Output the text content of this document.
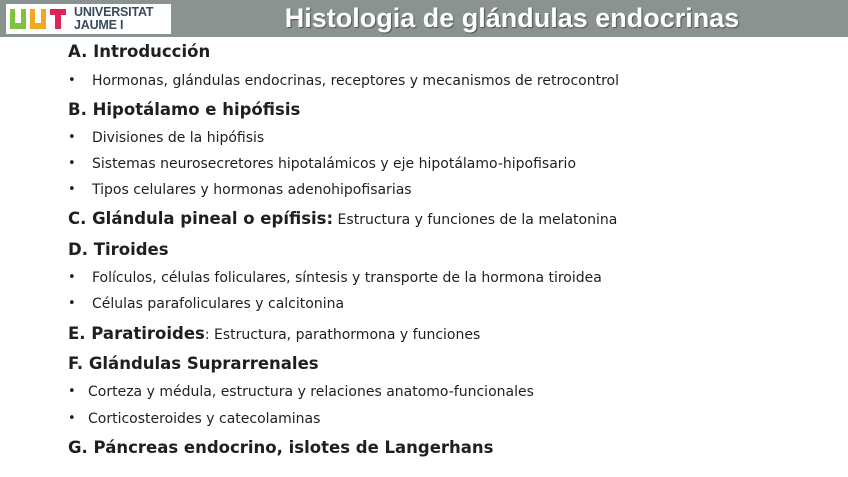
UNIVERSITAT
JAUME I	Histologia de glándulas endocrinas
A. Introducción
• Hormonas, glándulas endocrinas, receptores y mecanismos de retrocontrol
B. Hipotálamo e hipófisis
• Divisiones de la hipófisis
• Sistemas neurosecretores hipotalámicos y eje hipotálamo-hipofisario
• Tipos celulares y hormonas adenohipofisarias
C. Glándula pineal o epífisis: Estructura y funciones de la melatonina
D. Tiroides
• Folículos, células foliculares, síntesis y transporte de la hormona tiroidea
• Células parafoliculares y calcitonina
E. Paratiroides: Estructura, parathormona y funciones
F. Glándulas Suprarrenales
• Corteza y médula, estructura y relaciones anatomo-funcionales
• Corticosteroides y catecolaminas
G. Páncreas endocrino, islotes de Langerhans
